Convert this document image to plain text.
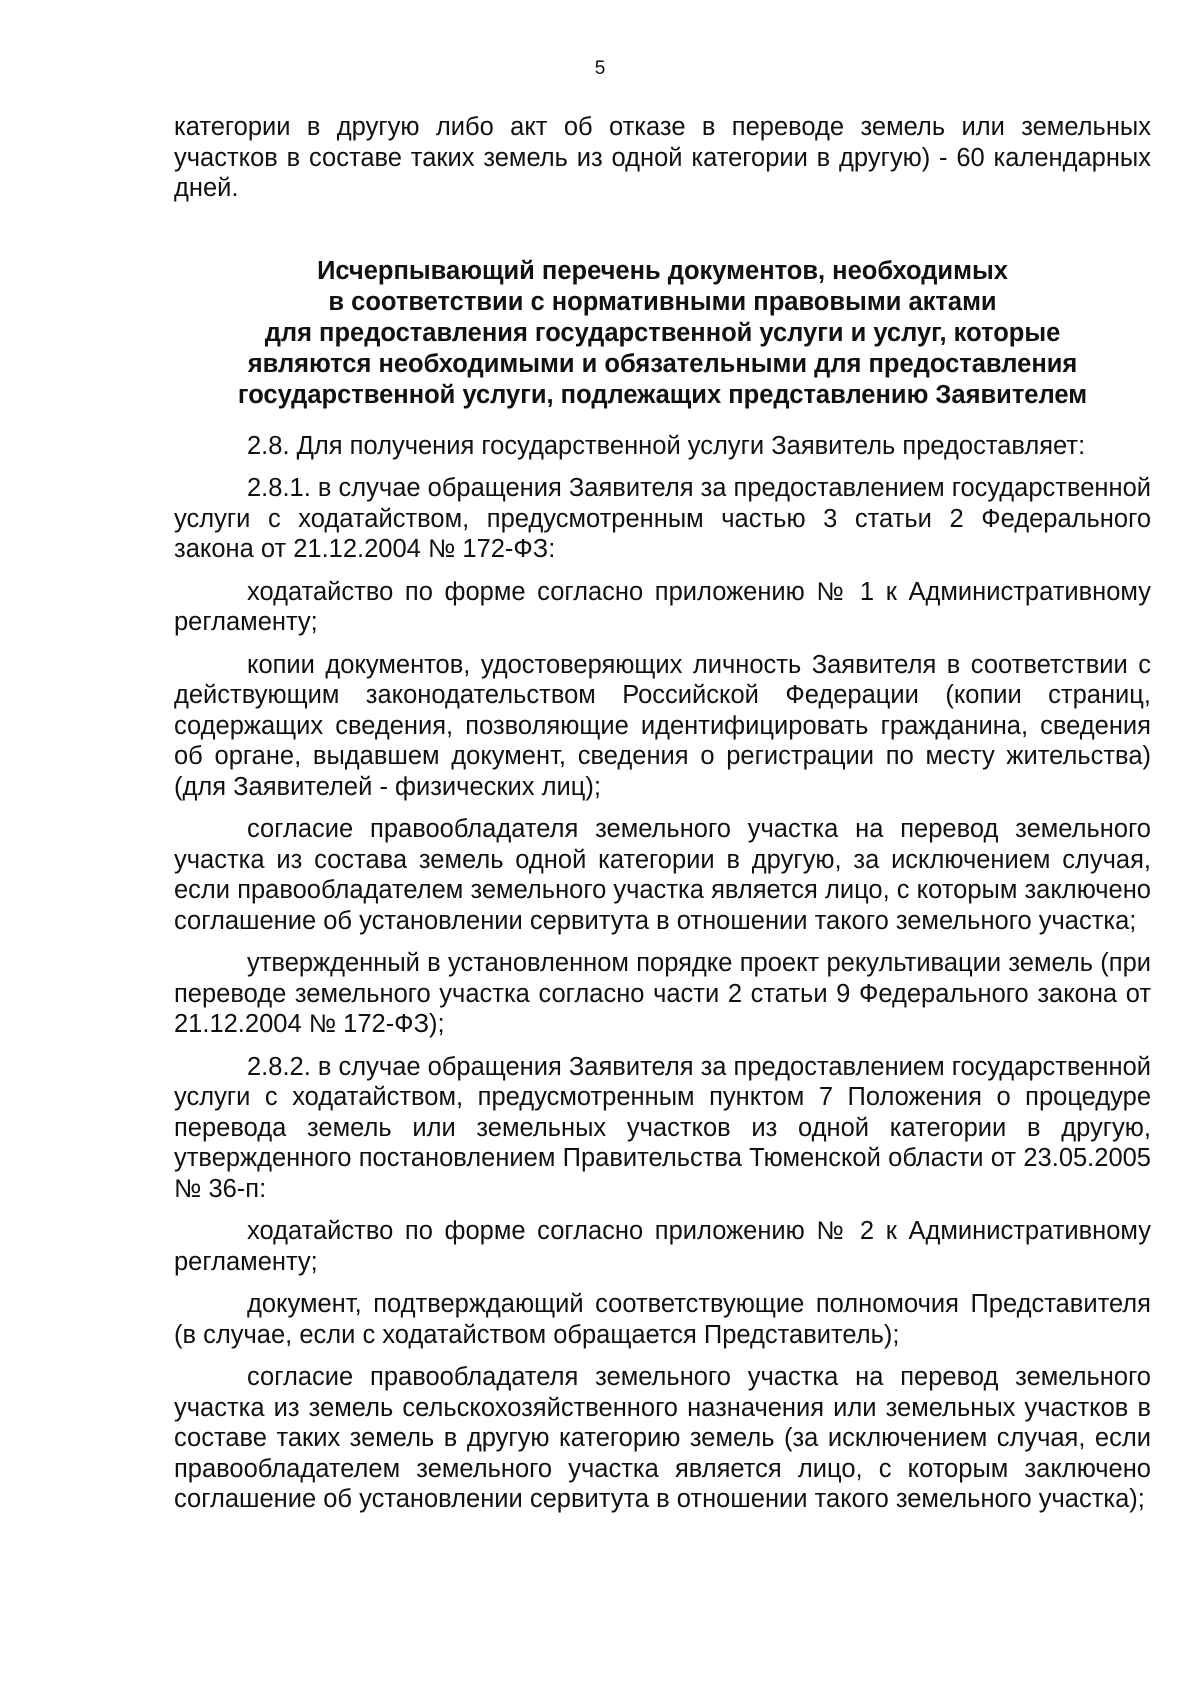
5

категории в другую либо акт об отказе в переводе земель или земельных участков в составе таких земель из одной категории в другую) - 60 календарных дней.

Исчерпывающий перечень документов, необходимых
в соответствии с нормативными правовыми актами
для предоставления государственной услуги и услуг, которые
являются необходимыми и обязательными для предоставления
государственной услуги, подлежащих представлению Заявителем

2.8. Для получения государственной услуги Заявитель предоставляет:

2.8.1. в случае обращения Заявителя за предоставлением государственной услуги с ходатайством, предусмотренным частью 3 статьи 2 Федерального закона от 21.12.2004 № 172-ФЗ:

ходатайство по форме согласно приложению № 1 к Административному регламенту;

копии документов, удостоверяющих личность Заявителя в соответствии с действующим законодательством Российской Федерации (копии страниц, содержащих сведения, позволяющие идентифицировать гражданина, сведения об органе, выдавшем документ, сведения о регистрации по месту жительства) (для Заявителей - физических лиц);

согласие правообладателя земельного участка на перевод земельного участка из состава земель одной категории в другую, за исключением случая, если правообладателем земельного участка является лицо, с которым заключено соглашение об установлении сервитута в отношении такого земельного участка;

утвержденный в установленном порядке проект рекультивации земель (при переводе земельного участка согласно части 2 статьи 9 Федерального закона от 21.12.2004 № 172-ФЗ);

2.8.2. в случае обращения Заявителя за предоставлением государственной услуги с ходатайством, предусмотренным пунктом 7 Положения о процедуре перевода земель или земельных участков из одной категории в другую, утвержденного постановлением Правительства Тюменской области от 23.05.2005 № 36-п:

ходатайство по форме согласно приложению № 2 к Административному регламенту;

документ, подтверждающий соответствующие полномочия Представителя (в случае, если с ходатайством обращается Представитель);

согласие правообладателя земельного участка на перевод земельного участка из земель сельскохозяйственного назначения или земельных участков в составе таких земель в другую категорию земель (за исключением случая, если правообладателем земельного участка является лицо, с которым заключено соглашение об установлении сервитута в отношении такого земельного участка);
